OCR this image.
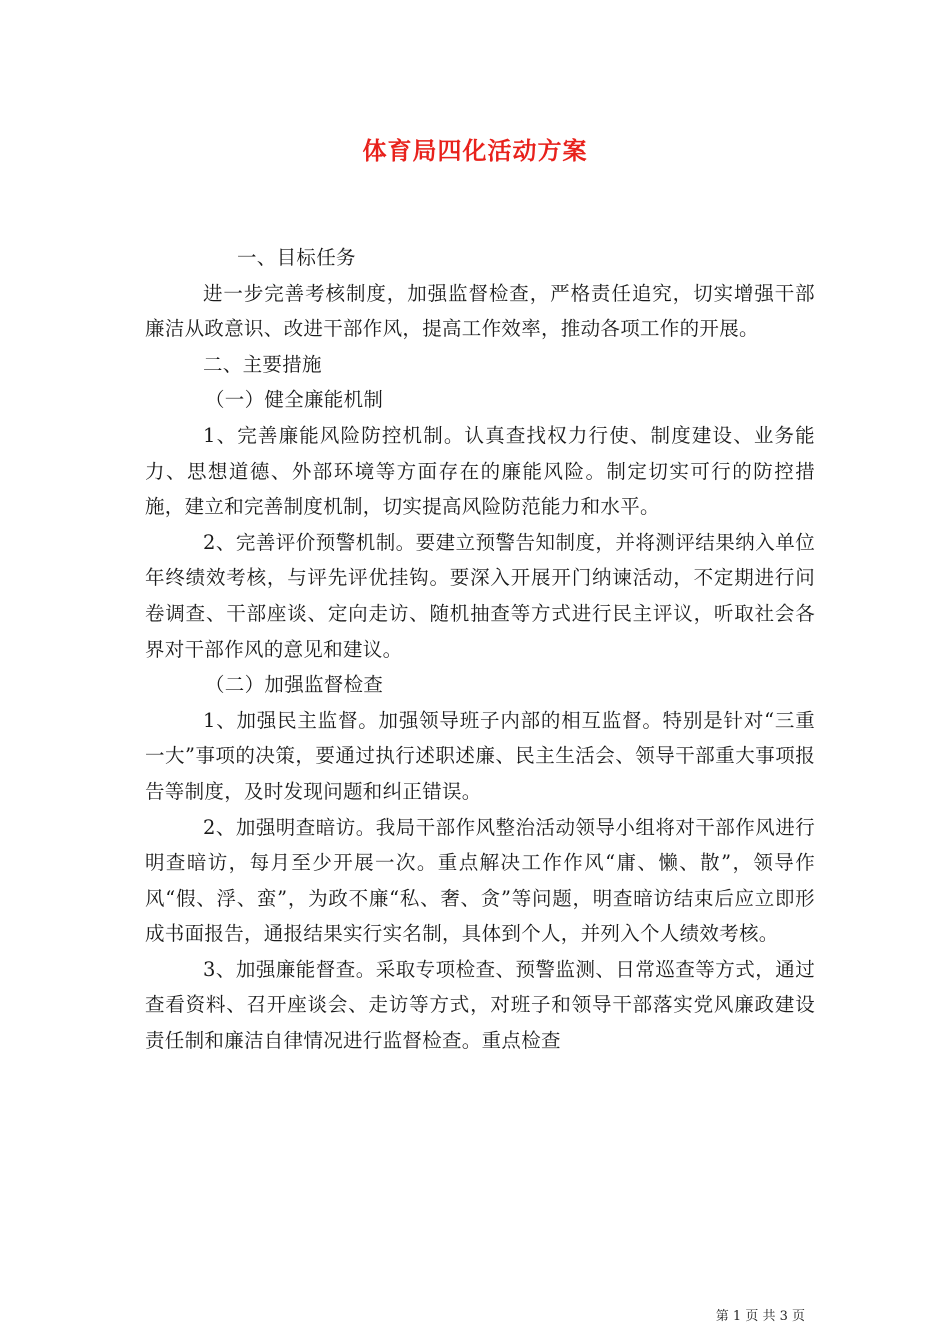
体育局四化活动方案

一、目标任务

进一步完善考核制度，加强监督检查，严格责任追究，切实增强干部廉洁从政意识、改进干部作风，提高工作效率，推动各项工作的开展。

二、主要措施

（一）健全廉能机制

1、完善廉能风险防控机制。认真查找权力行使、制度建设、业务能力、思想道德、外部环境等方面存在的廉能风险。制定切实可行的防控措施，建立和完善制度机制，切实提高风险防范能力和水平。

2、完善评价预警机制。要建立预警告知制度，并将测评结果纳入单位年终绩效考核，与评先评优挂钩。要深入开展开门纳谏活动，不定期进行问卷调查、干部座谈、定向走访、随机抽查等方式进行民主评议，听取社会各界对干部作风的意见和建议。

（二）加强监督检查

1、加强民主监督。加强领导班子内部的相互监督。特别是针对“三重一大”事项的决策，要通过执行述职述廉、民主生活会、领导干部重大事项报告等制度，及时发现问题和纠正错误。

2、加强明查暗访。我局干部作风整治活动领导小组将对干部作风进行明查暗访，每月至少开展一次。重点解决工作作风“庸、懒、散”，领导作风“假、浮、蛮”，为政不廉“私、奢、贪”等问题，明查暗访结束后应立即形成书面报告，通报结果实行实名制，具体到个人，并列入个人绩效考核。

3、加强廉能督查。采取专项检查、预警监测、日常巡查等方式，通过查看资料、召开座谈会、走访等方式，对班子和领导干部落实党风廉政建设责任制和廉洁自律情况进行监督检查。重点检查

第 1 页 共 3 页
